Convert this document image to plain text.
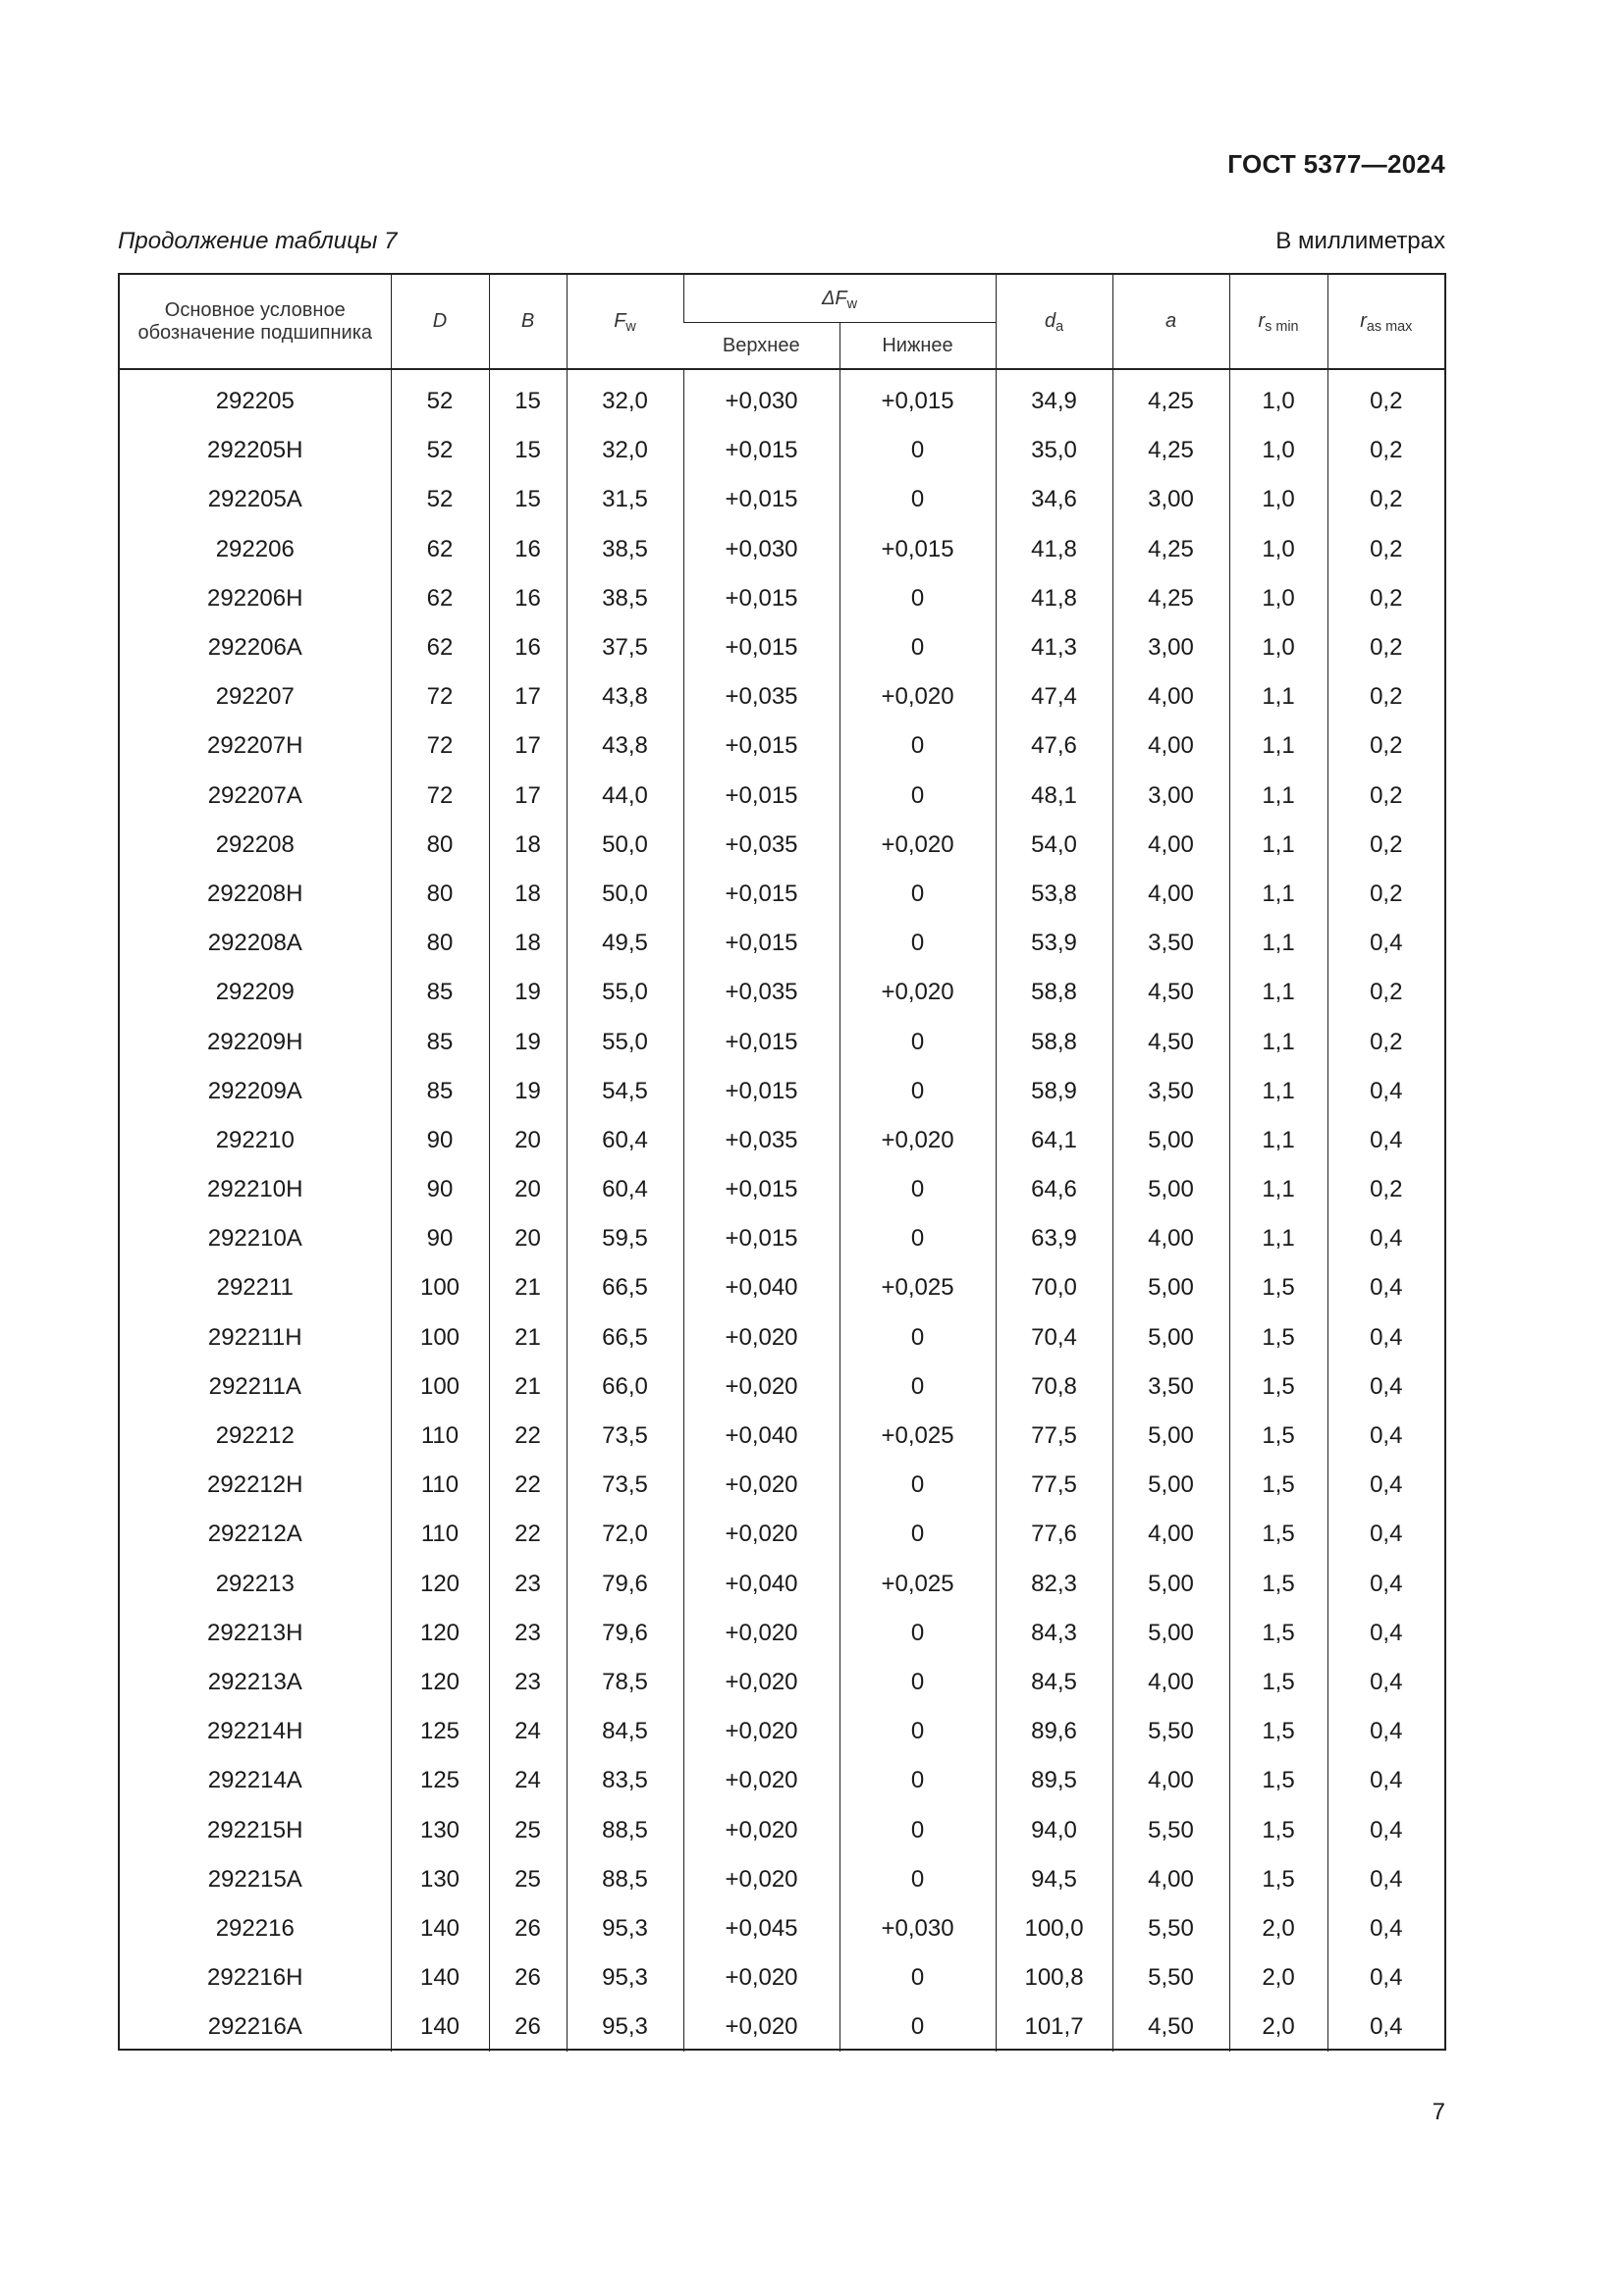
ГОСТ 5377—2024
Продолжение таблицы 7	В миллиметрах
Основное условное обозначение подшипника	D	B	$F_w$	$\Delta F_w$		$d_a$	a	$r_{s min}$	$r_{as max}$
				Верхнее	Нижнее				

292205	52	15	32,0	+0,030	+0,015	34,9	4,25	1,0	0,2
292205H	52	15	32,0	+0,015	0	35,0	4,25	1,0	0,2
292205A	52	15	31,5	+0,015	0	34,6	3,00	1,0	0,2
292206	62	16	38,5	+0,030	+0,015	41,8	4,25	1,0	0,2
292206H	62	16	38,5	+0,015	0	41,8	4,25	1,0	0,2
292206A	62	16	37,5	+0,015	0	41,3	3,00	1,0	0,2
292207	72	17	43,8	+0,035	+0,020	47,4	4,00	1,1	0,2
292207H	72	17	43,8	+0,015	0	47,6	4,00	1,1	0,2
292207A	72	17	44,0	+0,015	0	48,1	3,00	1,1	0,2
292208	80	18	50,0	+0,035	+0,020	54,0	4,00	1,1	0,2
292208H	80	18	50,0	+0,015	0	53,8	4,00	1,1	0,2
292208A	80	18	49,5	+0,015	0	53,9	3,50	1,1	0,4
292209	85	19	55,0	+0,035	+0,020	58,8	4,50	1,1	0,2
292209H	85	19	55,0	+0,015	0	58,8	4,50	1,1	0,2
292209A	85	19	54,5	+0,015	0	58,9	3,50	1,1	0,4
292210	90	20	60,4	+0,035	+0,020	64,1	5,00	1,1	0,4
292210H	90	20	60,4	+0,015	0	64,6	5,00	1,1	0,2
292210A	90	20	59,5	+0,015	0	63,9	4,00	1,1	0,4
292211	100	21	66,5	+0,040	+0,025	70,0	5,00	1,5	0,4
292211H	100	21	66,5	+0,020	0	70,4	5,00	1,5	0,4
292211A	100	21	66,0	+0,020	0	70,8	3,50	1,5	0,4
292212	110	22	73,5	+0,040	+0,025	77,5	5,00	1,5	0,4
292212H	110	22	73,5	+0,020	0	77,5	5,00	1,5	0,4
292212A	110	22	72,0	+0,020	0	77,6	4,00	1,5	0,4
292213	120	23	79,6	+0,040	+0,025	82,3	5,00	1,5	0,4
292213H	120	23	79,6	+0,020	0	84,3	5,00	1,5	0,4
292213A	120	23	78,5	+0,020	0	84,5	4,00	1,5	0,4
292214H	125	24	84,5	+0,020	0	89,6	5,50	1,5	0,4
292214A	125	24	83,5	+0,020	0	89,5	4,00	1,5	0,4
292215H	130	25	88,5	+0,020	0	94,0	5,50	1,5	0,4
292215A	130	25	88,5	+0,020	0	94,5	4,00	1,5	0,4
292216	140	26	95,3	+0,045	+0,030	100,0	5,50	2,0	0,4
292216H	140	26	95,3	+0,020	0	100,8	5,50	2,0	0,4
292216A	140	26	95,3	+0,020	0	101,7	4,50	2,0	0,4
7
